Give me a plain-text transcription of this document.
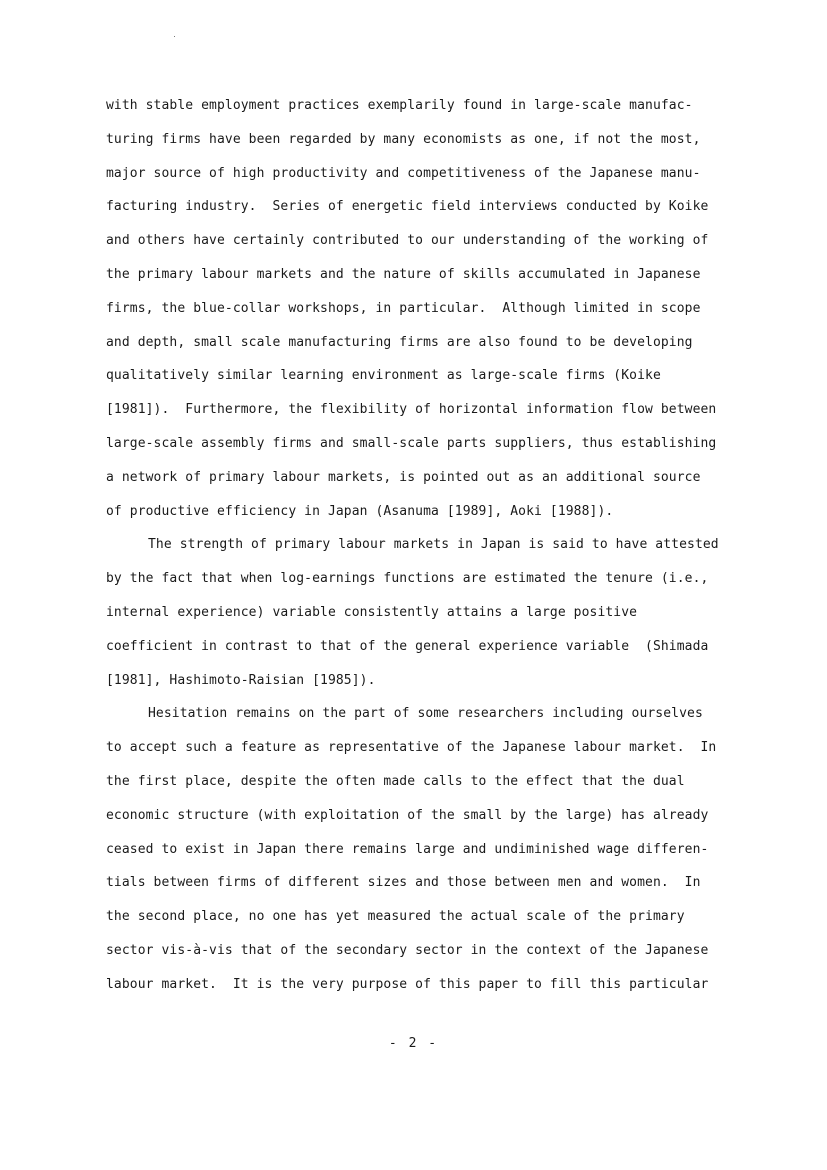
with stable employment practices exemplarily found in large-scale manufac-
turing firms have been regarded by many economists as one, if not the most,
major source of high productivity and competitiveness of the Japanese manu-
facturing industry.  Series of energetic field interviews conducted by Koike
and others have certainly contributed to our understanding of the working of
the primary labour markets and the nature of skills accumulated in Japanese
firms, the blue-collar workshops, in particular.  Although limited in scope
and depth, small scale manufacturing firms are also found to be developing
qualitatively similar learning environment as large-scale firms (Koike
[1981]).  Furthermore, the flexibility of horizontal information flow between
large-scale assembly firms and small-scale parts suppliers, thus establishing
a network of primary labour markets, is pointed out as an additional source
of productive efficiency in Japan (Asanuma [1989], Aoki [1988]).
The strength of primary labour markets in Japan is said to have attested
by the fact that when log-earnings functions are estimated the tenure (i.e.,
internal experience) variable consistently attains a large positive
coefficient in contrast to that of the general experience variable  (Shimada
[1981], Hashimoto-Raisian [1985]).
Hesitation remains on the part of some researchers including ourselves
to accept such a feature as representative of the Japanese labour market.  In
the first place, despite the often made calls to the effect that the dual
economic structure (with exploitation of the small by the large) has already
ceased to exist in Japan there remains large and undiminished wage differen-
tials between firms of different sizes and those between men and women.  In
the second place, no one has yet measured the actual scale of the primary
sector vis-à-vis that of the secondary sector in the context of the Japanese
labour market.  It is the very purpose of this paper to fill this particular
- 2 -
